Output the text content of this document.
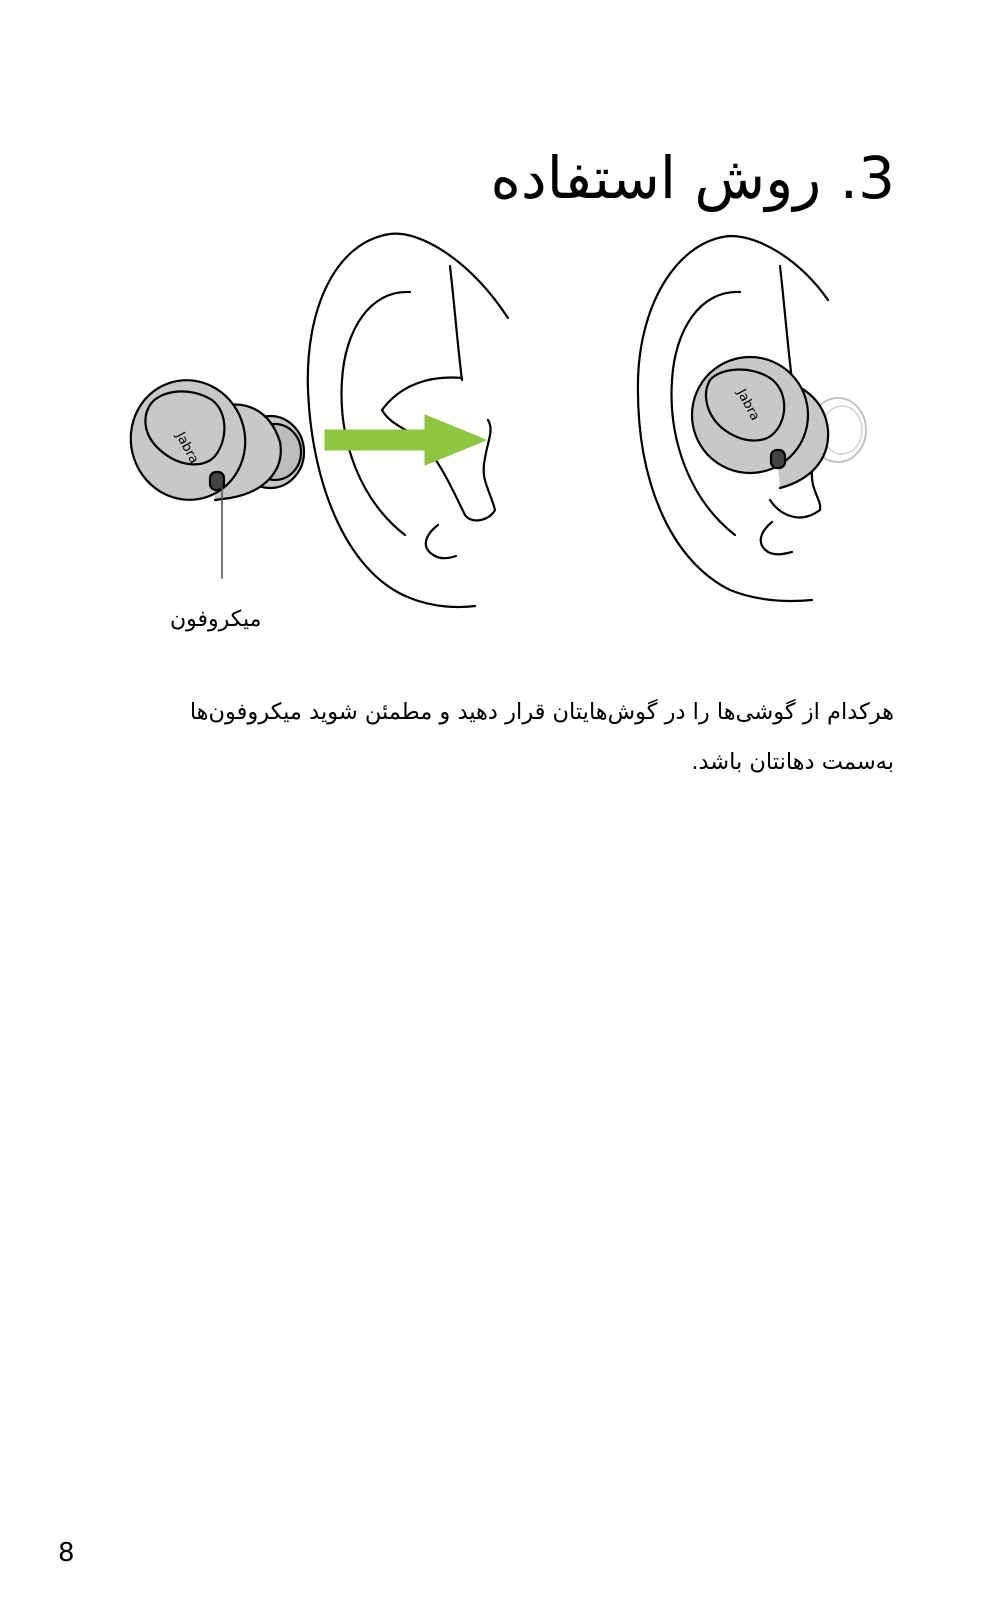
3. روش استفاده
Jabra
Jabra
میکروفون

هرکدام از گوشی‌ها را در گوش‌هایتان قرار دهید و مطمئن شوید میکروفون‌ها به‌سمت دهانتان باشد.

8
